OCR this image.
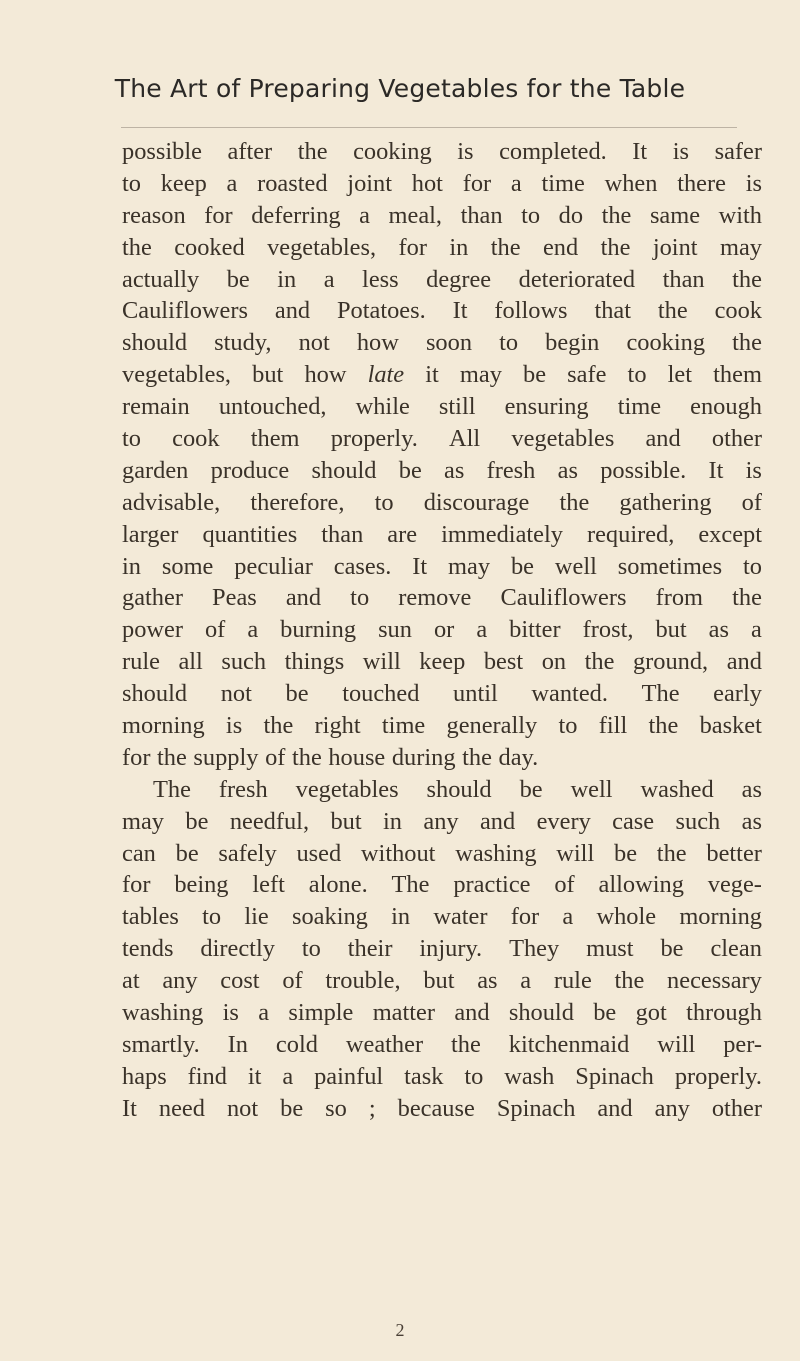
The Art of Preparing Vegetables for the Table
possible after the cooking is completed. It is safer
to keep a roasted joint hot for a time when there is
reason for deferring a meal, than to do the same with
the cooked vegetables, for in the end the joint may
actually be in a less degree deteriorated than the
Cauliflowers and Potatoes. It follows that the cook
should study, not how soon to begin cooking the
vegetables, but how late it may be safe to let them
remain untouched, while still ensuring time enough
to cook them properly. All vegetables and other
garden produce should be as fresh as possible. It is
advisable, therefore, to discourage the gathering of
larger quantities than are immediately required, except
in some peculiar cases. It may be well sometimes to
gather Peas and to remove Cauliflowers from the
power of a burning sun or a bitter frost, but as a
rule all such things will keep best on the ground, and
should not be touched until wanted. The early
morning is the right time generally to fill the basket
for the supply of the house during the day.
The fresh vegetables should be well washed as
may be needful, but in any and every case such as
can be safely used without washing will be the better
for being left alone. The practice of allowing vege-
tables to lie soaking in water for a whole morning
tends directly to their injury. They must be clean
at any cost of trouble, but as a rule the necessary
washing is a simple matter and should be got through
smartly. In cold weather the kitchenmaid will per-
haps find it a painful task to wash Spinach properly.
It need not be so ; because Spinach and any other
2
